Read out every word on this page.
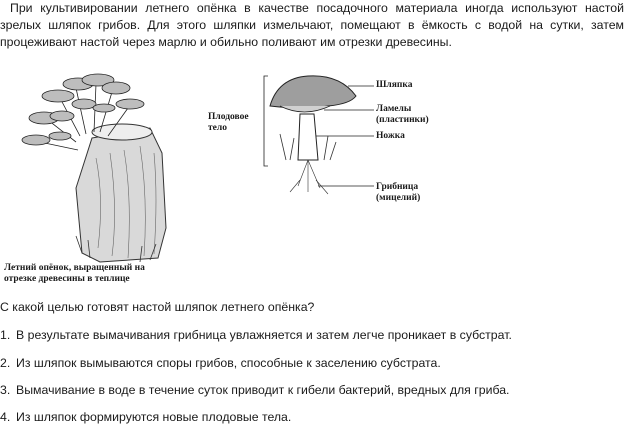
При культивировании летнего опёнка в качестве посадочного материала иногда используют настой зрелых шляпок грибов. Для этого шляпки измельчают, помещают в ёмкость с водой на сутки, затем процеживают настой через марлю и обильно поливают им отрезки древесины.

Летний опёнок, выращенный на отрезке древесины в теплице
Плодовое тело
Шляпка
Ламелы (пластинки)
Ножка
Грибница (мицелий)

С какой целью готовят настой шляпок летнего опёнка?

1. В результате вымачивания грибница увлажняется и затем легче проникает в субстрат.

2. Из шляпок вымываются споры грибов, способные к заселению субстрата.

3. Вымачивание в воде в течение суток приводит к гибели бактерий, вредных для гриба.

4. Из шляпок формируются новые плодовые тела.
